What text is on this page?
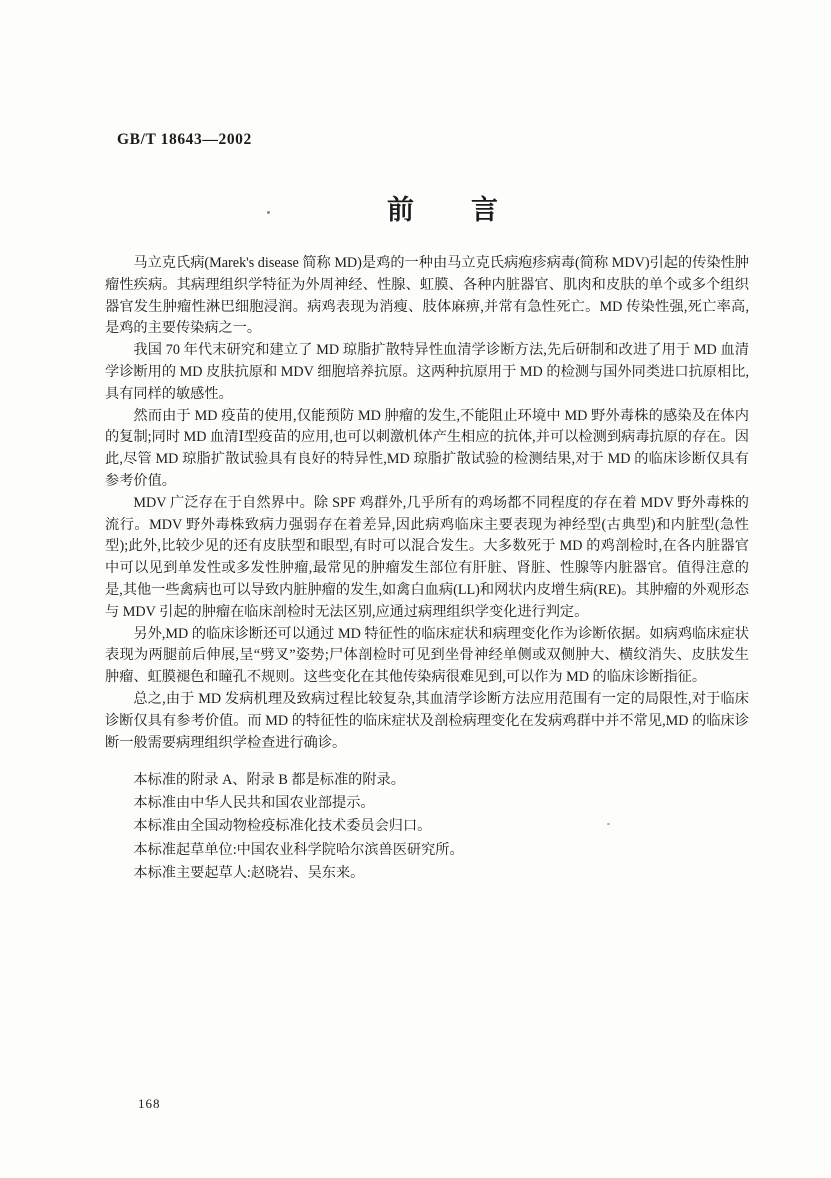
GB/T 18643—2002
前　　言

马立克氏病(Marek's disease 简称 MD)是鸡的一种由马立克氏病疱疹病毒(简称 MDV)引起的传染性肿瘤性疾病。其病理组织学特征为外周神经、性腺、虹膜、各种内脏器官、肌肉和皮肤的单个或多个组织器官发生肿瘤性淋巴细胞浸润。病鸡表现为消瘦、肢体麻痹,并常有急性死亡。MD 传染性强,死亡率高,是鸡的主要传染病之一。

我国 70 年代末研究和建立了 MD 琼脂扩散特异性血清学诊断方法,先后研制和改进了用于 MD 血清学诊断用的 MD 皮肤抗原和 MDV 细胞培养抗原。这两种抗原用于 MD 的检测与国外同类进口抗原相比,具有同样的敏感性。

然而由于 MD 疫苗的使用,仅能预防 MD 肿瘤的发生,不能阻止环境中 MD 野外毒株的感染及在体内的复制;同时 MD 血清Ⅰ型疫苗的应用,也可以刺激机体产生相应的抗体,并可以检测到病毒抗原的存在。因此,尽管 MD 琼脂扩散试验具有良好的特异性,MD 琼脂扩散试验的检测结果,对于 MD 的临床诊断仅具有参考价值。

MDV 广泛存在于自然界中。除 SPF 鸡群外,几乎所有的鸡场都不同程度的存在着 MDV 野外毒株的流行。MDV 野外毒株致病力强弱存在着差异,因此病鸡临床主要表现为神经型(古典型)和内脏型(急性型);此外,比较少见的还有皮肤型和眼型,有时可以混合发生。大多数死于 MD 的鸡剖检时,在各内脏器官中可以见到单发性或多发性肿瘤,最常见的肿瘤发生部位有肝脏、肾脏、性腺等内脏器官。值得注意的是,其他一些禽病也可以导致内脏肿瘤的发生,如禽白血病(LL)和网状内皮增生病(RE)。其肿瘤的外观形态与 MDV 引起的肿瘤在临床剖检时无法区别,应通过病理组织学变化进行判定。

另外,MD 的临床诊断还可以通过 MD 特征性的临床症状和病理变化作为诊断依据。如病鸡临床症状表现为两腿前后伸展,呈“劈叉”姿势;尸体剖检时可见到坐骨神经单侧或双侧肿大、横纹消失、皮肤发生肿瘤、虹膜褪色和瞳孔不规则。这些变化在其他传染病很难见到,可以作为 MD 的临床诊断指征。

总之,由于 MD 发病机理及致病过程比较复杂,其血清学诊断方法应用范围有一定的局限性,对于临床诊断仅具有参考价值。而 MD 的特征性的临床症状及剖检病理变化在发病鸡群中并不常见,MD 的临床诊断一般需要病理组织学检查进行确诊。

本标准的附录 A、附录 B 都是标准的附录。

本标准由中华人民共和国农业部提示。

本标准由全国动物检疫标准化技术委员会归口。

本标准起草单位:中国农业科学院哈尔滨兽医研究所。

本标准主要起草人:赵晓岩、吴东来。

168
